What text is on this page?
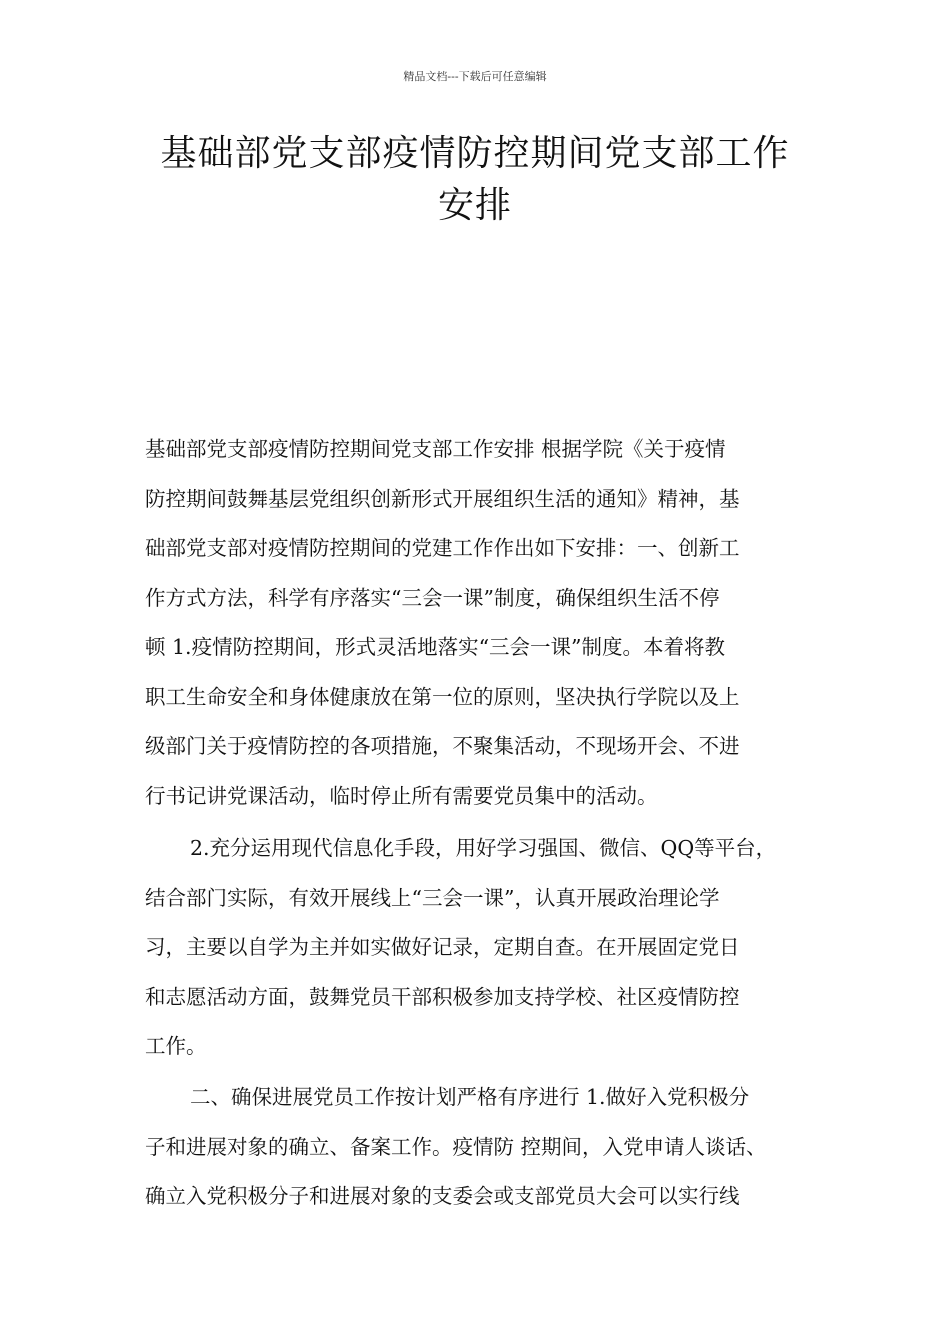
精品文档---下载后可任意编辑
基础部党支部疫情防控期间党支部工作
安排
基础部党支部疫情防控期间党支部工作安排 根据学院《关于疫情
防控期间鼓舞基层党组织创新形式开展组织生活的通知》精神，基
础部党支部对疫情防控期间的党建工作作出如下安排：一、创新工
作方式方法，科学有序落实“三会一课”制度，确保组织生活不停
顿 1.疫情防控期间，形式灵活地落实“三会一课”制度。本着将教
职工生命安全和身体健康放在第一位的原则，坚决执行学院以及上
级部门关于疫情防控的各项措施，不聚集活动，不现场开会、不进
行书记讲党课活动，临时停止所有需要党员集中的活动。
2.充分运用现代信息化手段，用好学习强国、微信、QQ等平台，
结合部门实际，有效开展线上“三会一课”，认真开展政治理论学
习，主要以自学为主并如实做好记录，定期自查。在开展固定党日
和志愿活动方面，鼓舞党员干部积极参加支持学校、社区疫情防控
工作。
二、确保进展党员工作按计划严格有序进行 1.做好入党积极分
子和进展对象的确立、备案工作。疫情防 控期间，入党申请人谈话、
确立入党积极分子和进展对象的支委会或支部党员大会可以实行线
